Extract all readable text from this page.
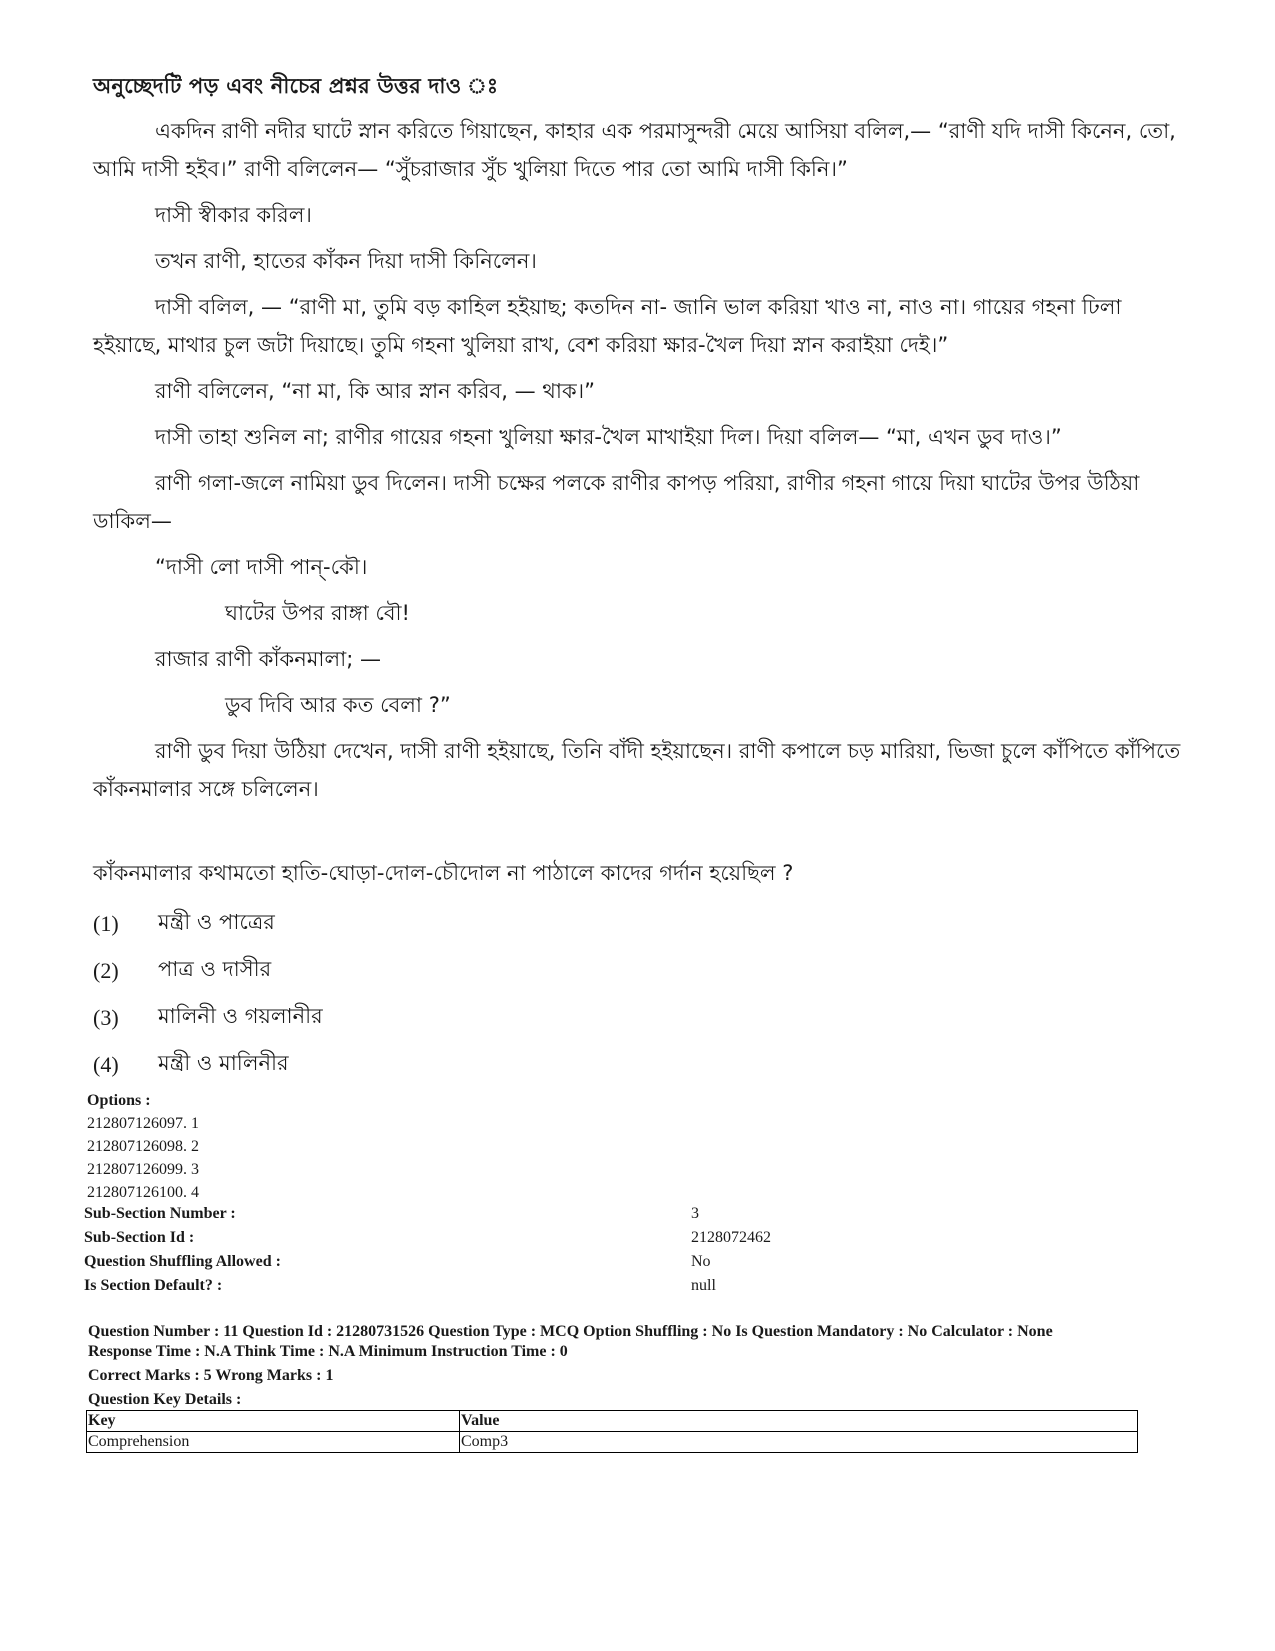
অনুচ্ছেদটি পড় এবং নীচের প্রশ্নর উত্তর দাও ঃ

একদিন রাণী নদীর ঘাটে স্নান করিতে গিয়াছেন, কাহার এক পরমাসুন্দরী মেয়ে আসিয়া বলিল,— “রাণী যদি দাসী কিনেন, তো, আমি দাসী হইব।” রাণী বলিলেন— “সুঁচরাজার সুঁচ খুলিয়া দিতে পার তো আমি দাসী কিনি।”

দাসী স্বীকার করিল।

তখন রাণী, হাতের কাঁকন দিয়া দাসী কিনিলেন।

দাসী বলিল, — “রাণী মা, তুমি বড় কাহিল হইয়াছ; কতদিন না- জানি ভাল করিয়া খাও না, নাও না। গায়ের গহনা ঢিলা হইয়াছে, মাথার চুল জটা দিয়াছে। তুমি গহনা খুলিয়া রাখ, বেশ করিয়া ক্ষার-খৈল দিয়া স্নান করাইয়া দেই।”

রাণী বলিলেন, “না মা, কি আর স্নান করিব, — থাক।”

দাসী তাহা শুনিল না; রাণীর গায়ের গহনা খুলিয়া ক্ষার-খৈল মাখাইয়া দিল। দিয়া বলিল— “মা, এখন ডুব দাও।”

রাণী গলা-জলে নামিয়া ডুব দিলেন। দাসী চক্ষের পলকে রাণীর কাপড় পরিয়া, রাণীর গহনা গায়ে দিয়া ঘাটের উপর উঠিয়া ডাকিল—

“দাসী লো দাসী পান্‌-কৌ।

ঘাটের উপর রাঙ্গা বৌ!

রাজার রাণী কাঁকনমালা; —

ডুব দিবি আর কত বেলা ?”

রাণী ডুব দিয়া উঠিয়া দেখেন, দাসী রাণী হইয়াছে, তিনি বাঁদী হইয়াছেন। রাণী কপালে চড় মারিয়া, ভিজা চুলে কাঁপিতে কাঁপিতে কাঁকনমালার সঙ্গে চলিলেন।

কাঁকনমালার কথামতো হাতি-ঘোড়া-দোল-চৌদোল না পাঠালে কাদের গর্দান হয়েছিল ?
(1)	মন্ত্রী ও পাত্রের
(2)	পাত্র ও দাসীর
(3)	মালিনী ও গয়লানীর
(4)	মন্ত্রী ও মালিনীর
Options :
212807126097. 1
212807126098. 2
212807126099. 3
212807126100. 4
Sub-Section Number :	3
Sub-Section Id :	2128072462
Question Shuffling Allowed :	No
Is Section Default? :	null
Question Number : 11 Question Id : 21280731526 Question Type : MCQ Option Shuffling : No Is Question Mandatory : No Calculator : None
Response Time : N.A Think Time : N.A Minimum Instruction Time : 0
Correct Marks : 5 Wrong Marks : 1
Question Key Details :
Key	Value
Comprehension	Comp3
